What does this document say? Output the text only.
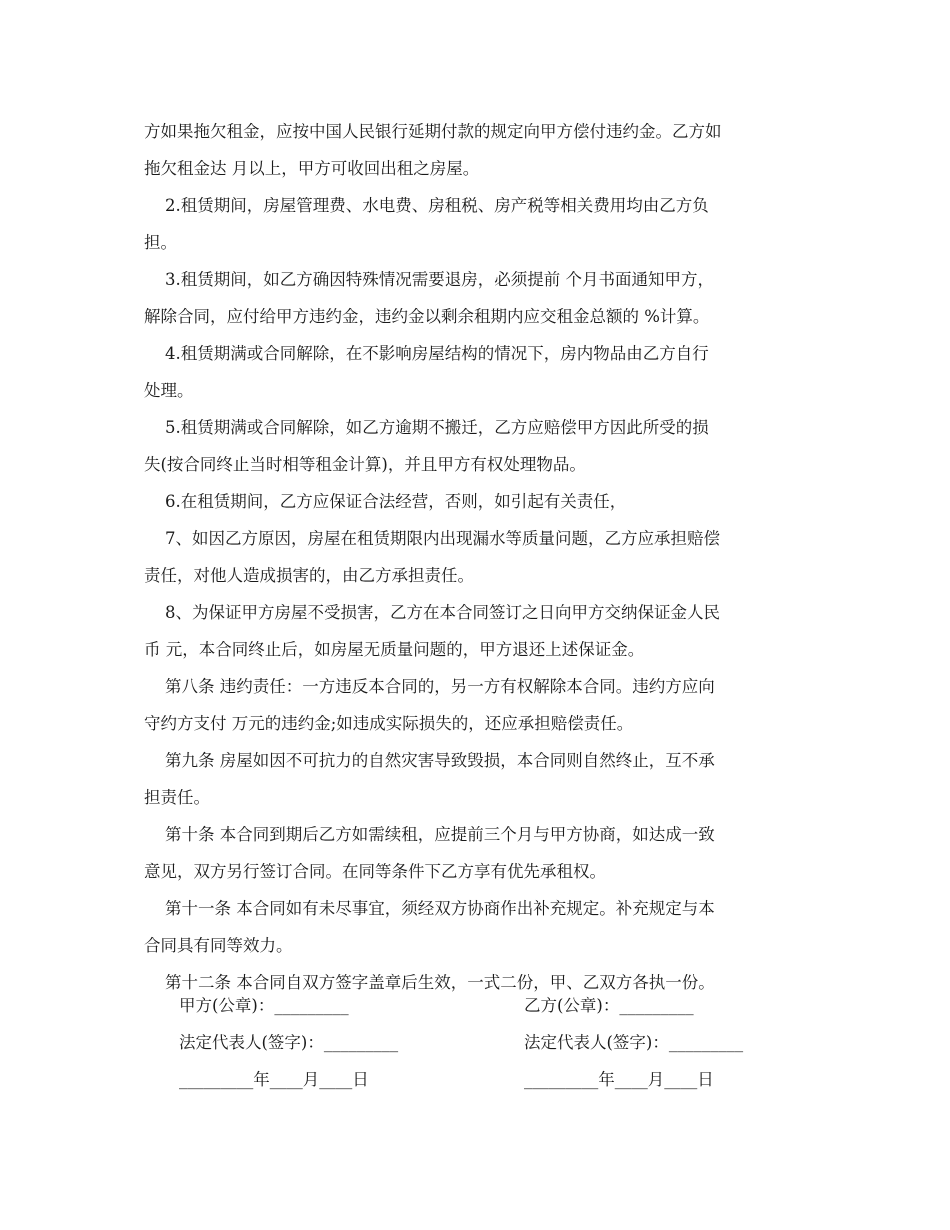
方如果拖欠租金，应按中国人民银行延期付款的规定向甲方偿付违约金。乙方如
拖欠租金达 月以上，甲方可收回出租之房屋。

2.租赁期间，房屋管理费、水电费、房租税、房产税等相关费用均由乙方负
担。

3.租赁期间，如乙方确因特殊情况需要退房，必须提前 个月书面通知甲方，
解除合同，应付给甲方违约金，违约金以剩余租期内应交租金总额的 %计算。

4.租赁期满或合同解除，在不影响房屋结构的情况下，房内物品由乙方自行
处理。

5.租赁期满或合同解除，如乙方逾期不搬迁，乙方应赔偿甲方因此所受的损
失(按合同终止当时相等租金计算)，并且甲方有权处理物品。

6.在租赁期间，乙方应保证合法经营，否则，如引起有关责任，

7、如因乙方原因，房屋在租赁期限内出现漏水等质量问题，乙方应承担赔偿
责任，对他人造成损害的，由乙方承担责任。

8、为保证甲方房屋不受损害，乙方在本合同签订之日向甲方交纳保证金人民
币 元，本合同终止后，如房屋无质量问题的，甲方退还上述保证金。

第八条 违约责任：一方违反本合同的，另一方有权解除本合同。违约方应向
守约方支付 万元的违约金;如违成实际损失的，还应承担赔偿责任。

第九条 房屋如因不可抗力的自然灾害导致毁损，本合同则自然终止，互不承
担责任。

第十条 本合同到期后乙方如需续租，应提前三个月与甲方协商，如达成一致
意见，双方另行签订合同。在同等条件下乙方享有优先承租权。

第十一条 本合同如有未尽事宜，须经双方协商作出补充规定。补充规定与本
合同具有同等效力。

第十二条 本合同自双方签字盖章后生效，一式二份，甲、乙双方各执一份。

甲方(公章)：_________	乙方(公章)：_________

法定代表人(签字)：_________	法定代表人(签字)：_________

_________年____月____日	_________年____月____日
